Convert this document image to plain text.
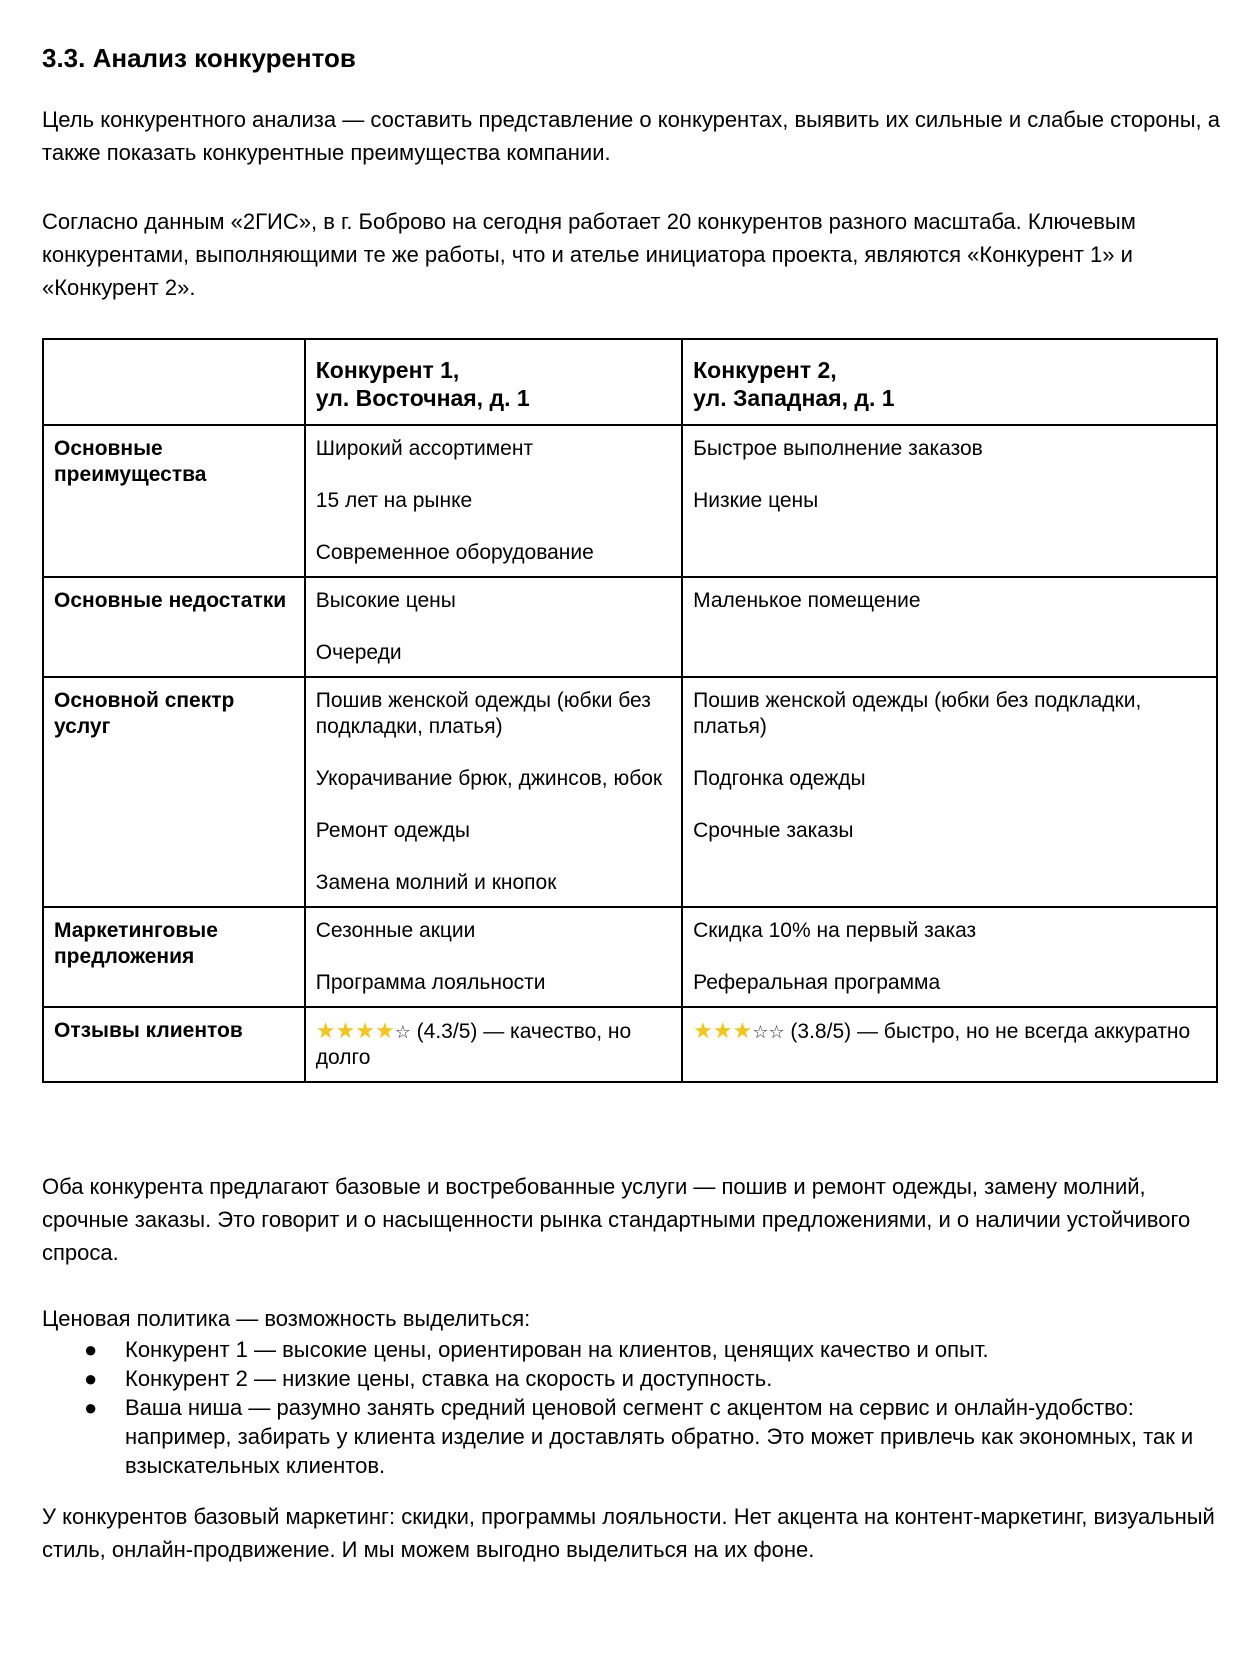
3.3. Анализ конкурентов

Цель конкурентного анализа — составить представление о конкурентах, выявить их сильные и слабые стороны, а также показать конкурентные преимущества компании.

Согласно данным «2ГИС», в г. Боброво на сегодня работает 20 конкурентов разного масштаба. Ключевым конкурентами, выполняющими те же работы, что и ателье инициатора проекта, являются «Конкурент 1» и «Конкурент 2».

	Конкурент 1,
ул. Восточная, д. 1	Конкурент 2,
ул. Западная, д. 1
Основные преимущества	Широкий ассортимент
15 лет на рынке
Современное оборудование	Быстрое выполнение заказов
Низкие цены

Основные недостатки	Высокие цены
Очереди	Маленькое помещение

Основной спектр услуг	Пошив женской одежды (юбки без подкладки, платья)
Укорачивание брюк, джинсов, юбок
Ремонт одежды
Замена молний и кнопок	Пошив женской одежды (юбки без подкладки, платья)
Подгонка одежды
Срочные заказы

Маркетинговые предложения	Сезонные акции
Программа лояльности	Скидка 10% на первый заказ
Реферальная программа

Отзывы клиентов	★★★★☆ (4.3/5) — качество, но долго	★★★☆☆ (3.8/5) — быстро, но не всегда аккуратно

Оба конкурента предлагают базовые и востребованные услуги — пошив и ремонт одежды, замену молний, срочные заказы. Это говорит и о насыщенности рынка стандартными предложениями, и о наличии устойчивого спроса.

Ценовая политика — возможность выделиться:

● Конкурент 1 — высокие цены, ориентирован на клиентов, ценящих качество и опыт.
● Конкурент 2 — низкие цены, ставка на скорость и доступность.
● Ваша ниша — разумно занять средний ценовой сегмент с акцентом на сервис и онлайн-удобство: например, забирать у клиента изделие и доставлять обратно. Это может привлечь как экономных, так и взыскательных клиентов.

У конкурентов базовый маркетинг: скидки, программы лояльности. Нет акцента на контент-маркетинг, визуальный стиль, онлайн-продвижение. И мы можем выгодно выделиться на их фоне.
